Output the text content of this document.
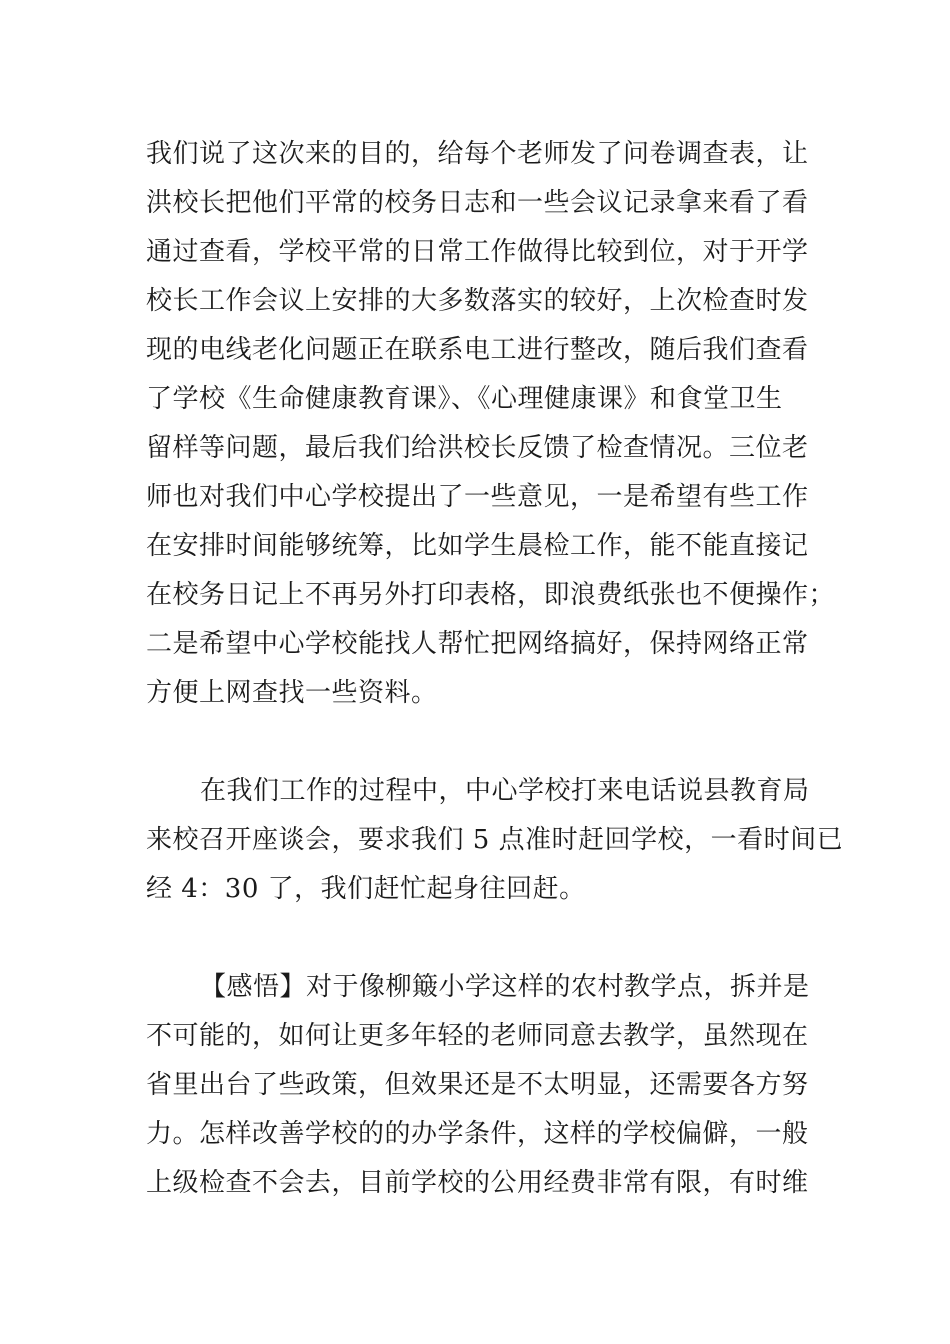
我们说了这次来的目的，给每个老师发了问卷调查表，让
洪校长把他们平常的校务日志和一些会议记录拿来看了看
通过查看，学校平常的日常工作做得比较到位，对于开学
校长工作会议上安排的大多数落实的较好，上次检查时发
现的电线老化问题正在联系电工进行整改，随后我们查看
了学校《生命健康教育课》、《心理健康课》和食堂卫生
留样等问题，最后我们给洪校长反馈了检查情况。三位老
师也对我们中心学校提出了一些意见，一是希望有些工作
在安排时间能够统筹，比如学生晨检工作，能不能直接记
在校务日记上不再另外打印表格，即浪费纸张也不便操作；
二是希望中心学校能找人帮忙把网络搞好，保持网络正常
方便上网查找一些资料。
在我们工作的过程中，中心学校打来电话说县教育局
来校召开座谈会，要求我们 5 点准时赶回学校，一看时间已
经 4：30 了，我们赶忙起身往回赶。
【感悟】对于像柳簸小学这样的农村教学点，拆并是
不可能的，如何让更多年轻的老师同意去教学，虽然现在
省里出台了些政策，但效果还是不太明显，还需要各方努
力。怎样改善学校的的办学条件，这样的学校偏僻，一般
上级检查不会去，目前学校的公用经费非常有限，有时维
